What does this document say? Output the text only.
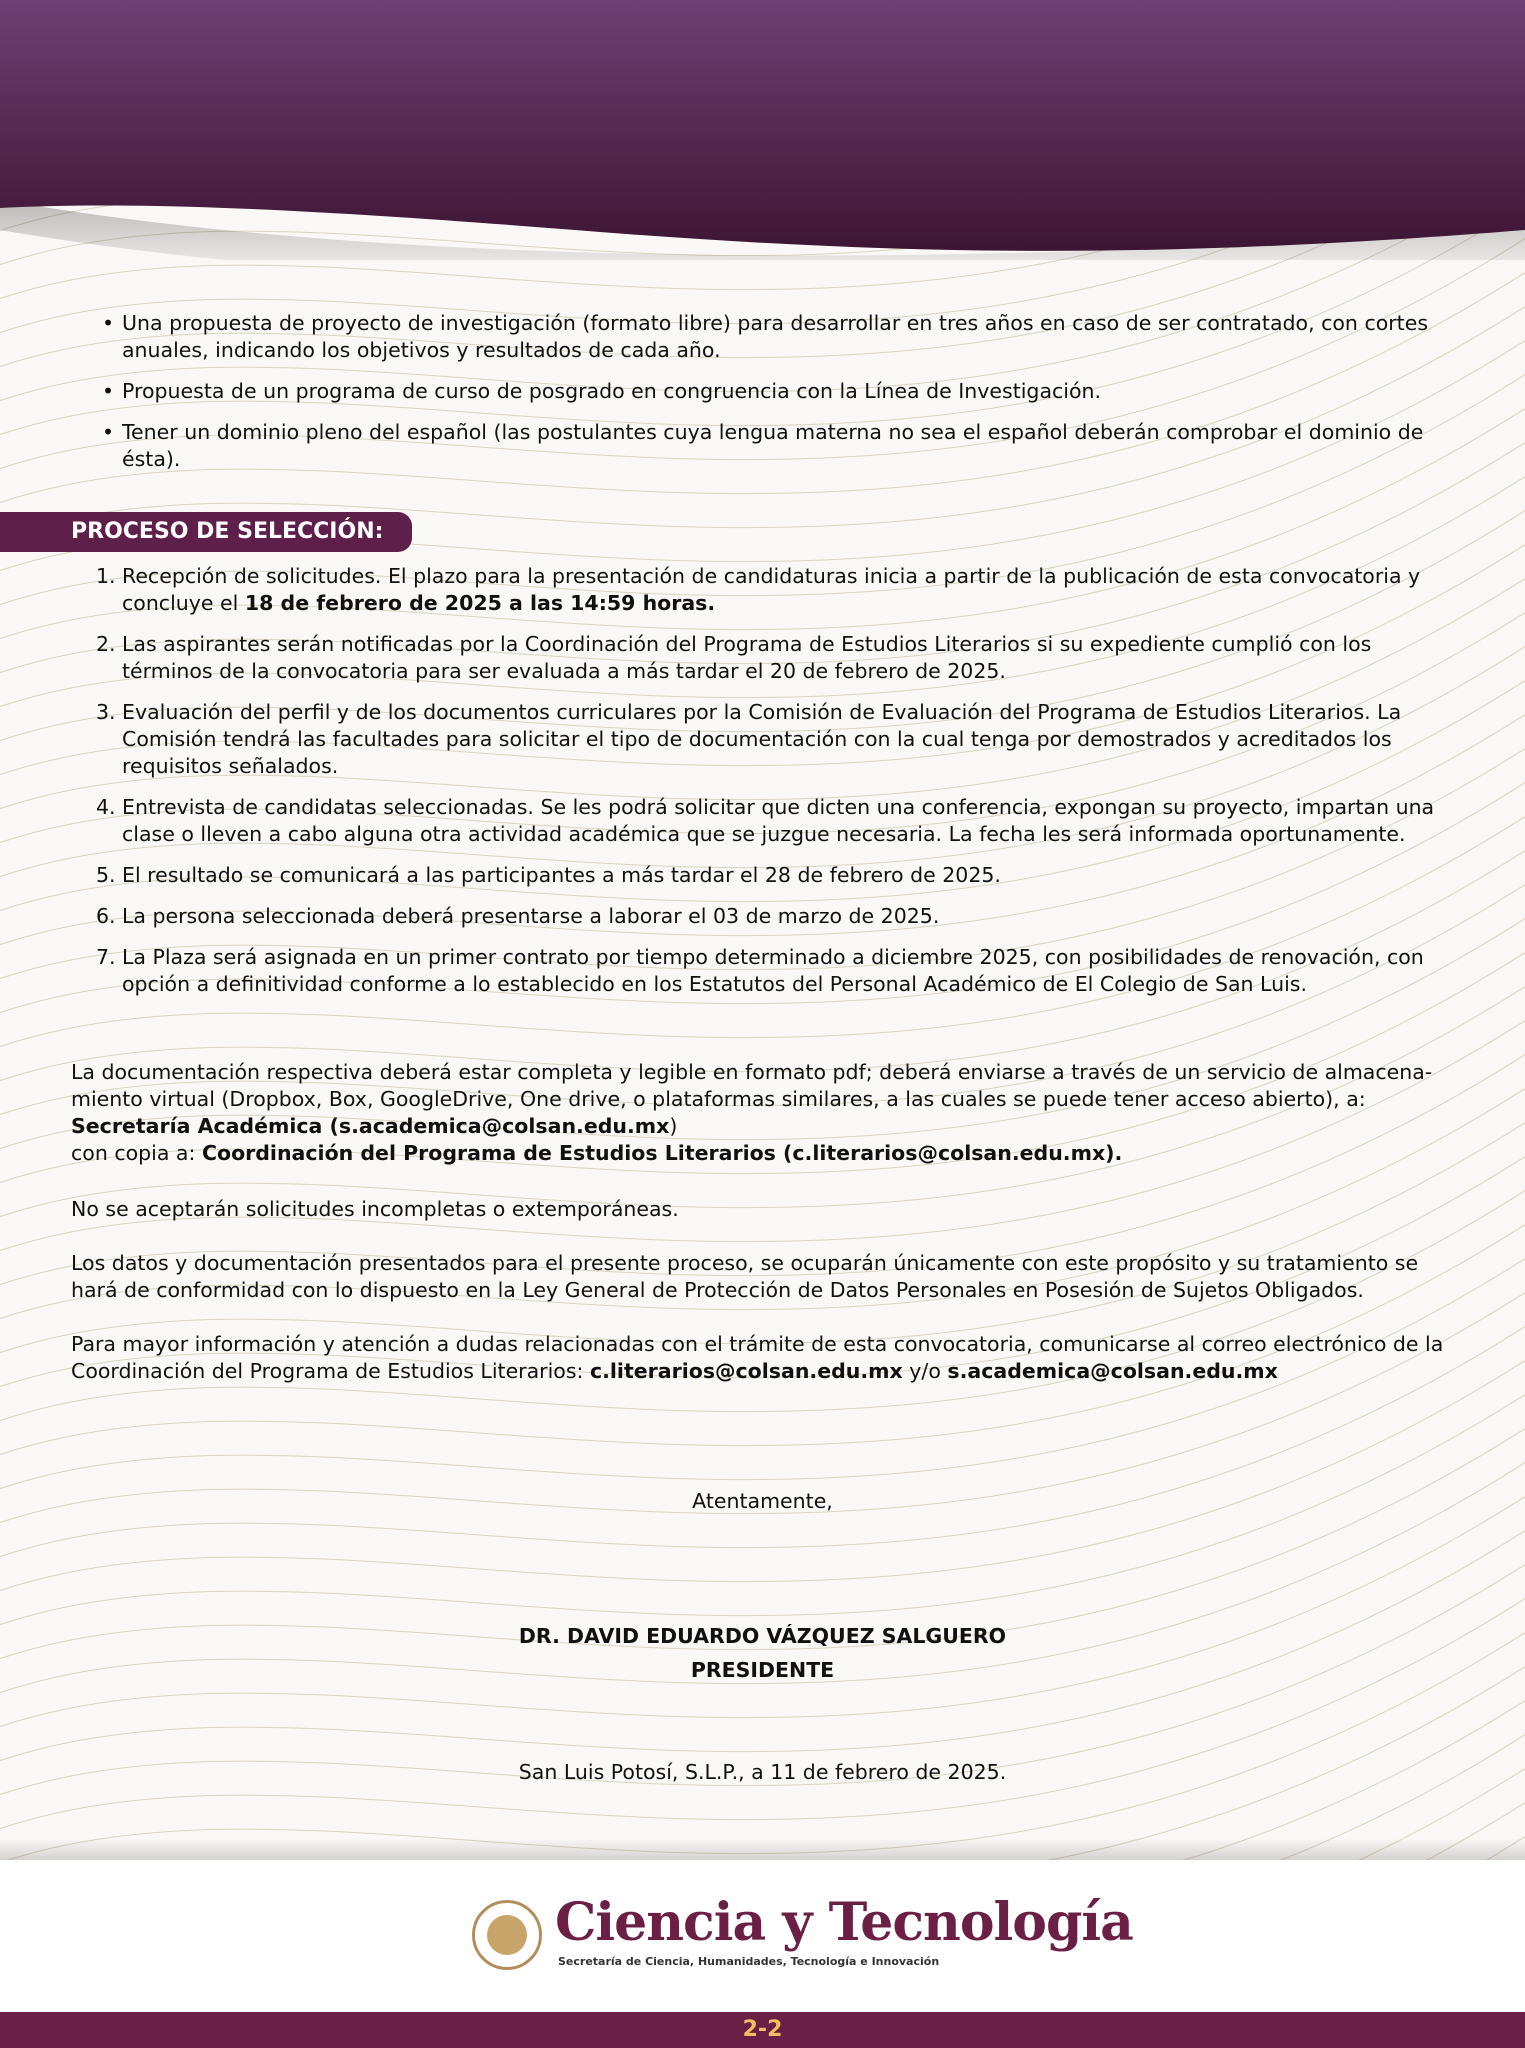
• Una propuesta de proyecto de investigación (formato libre) para desarrollar en tres años en caso de ser contratado, con cortes anuales, indicando los objetivos y resultados de cada año.
• Propuesta de un programa de curso de posgrado en congruencia con la Línea de Investigación.
• Tener un dominio pleno del español (las postulantes cuya lengua materna no sea el español deberán comprobar el dominio de ésta).
PROCESO DE SELECCIÓN:
1. Recepción de solicitudes. El plazo para la presentación de candidaturas inicia a partir de la publicación de esta convocatoria y concluye el 18 de febrero de 2025 a las 14:59 horas.
2. Las aspirantes serán notificadas por la Coordinación del Programa de Estudios Literarios si su expediente cumplió con los términos de la convocatoria para ser evaluada a más tardar el 20 de febrero de 2025.
3. Evaluación del perfil y de los documentos curriculares por la Comisión de Evaluación del Programa de Estudios Literarios. La Comisión tendrá las facultades para solicitar el tipo de documentación con la cual tenga por demostrados y acreditados los requisitos señalados.
4. Entrevista de candidatas seleccionadas. Se les podrá solicitar que dicten una conferencia, expongan su proyecto, impartan una clase o lleven a cabo alguna otra actividad académica que se juzgue necesaria. La fecha les será informada oportunamente.
5. El resultado se comunicará a las participantes a más tardar el 28 de febrero de 2025.
6. La persona seleccionada deberá presentarse a laborar el 03 de marzo de 2025.
7. La Plaza será asignada en un primer contrato por tiempo determinado a diciembre 2025, con posibilidades de renovación, con opción a definitividad conforme a lo establecido en los Estatutos del Personal Académico de El Colegio de San Luis.

La documentación respectiva deberá estar completa y legible en formato pdf; deberá enviarse a través de un servicio de almacena-miento virtual (Dropbox, Box, GoogleDrive, One drive, o plataformas similares, a las cuales se puede tener acceso abierto), a:
Secretaría Académica (s.academica@colsan.edu.mx)
con copia a: Coordinación del Programa de Estudios Literarios (c.literarios@colsan.edu.mx).

No se aceptarán solicitudes incompletas o extemporáneas.

Los datos y documentación presentados para el presente proceso, se ocuparán únicamente con este propósito y su tratamiento se hará de conformidad con lo dispuesto en la Ley General de Protección de Datos Personales en Posesión de Sujetos Obligados.

Para mayor información y atención a dudas relacionadas con el trámite de esta convocatoria, comunicarse al correo electrónico de la Coordinación del Programa de Estudios Literarios: c.literarios@colsan.edu.mx y/o s.academica@colsan.edu.mx

Atentamente,
DR. DAVID EDUARDO VÁZQUEZ SALGUERO
PRESIDENTE
San Luis Potosí, S.L.P., a 11 de febrero de 2025.
Ciencia y Tecnología
Secretaría de Ciencia, Humanidades, Tecnología e Innovación
2-2
